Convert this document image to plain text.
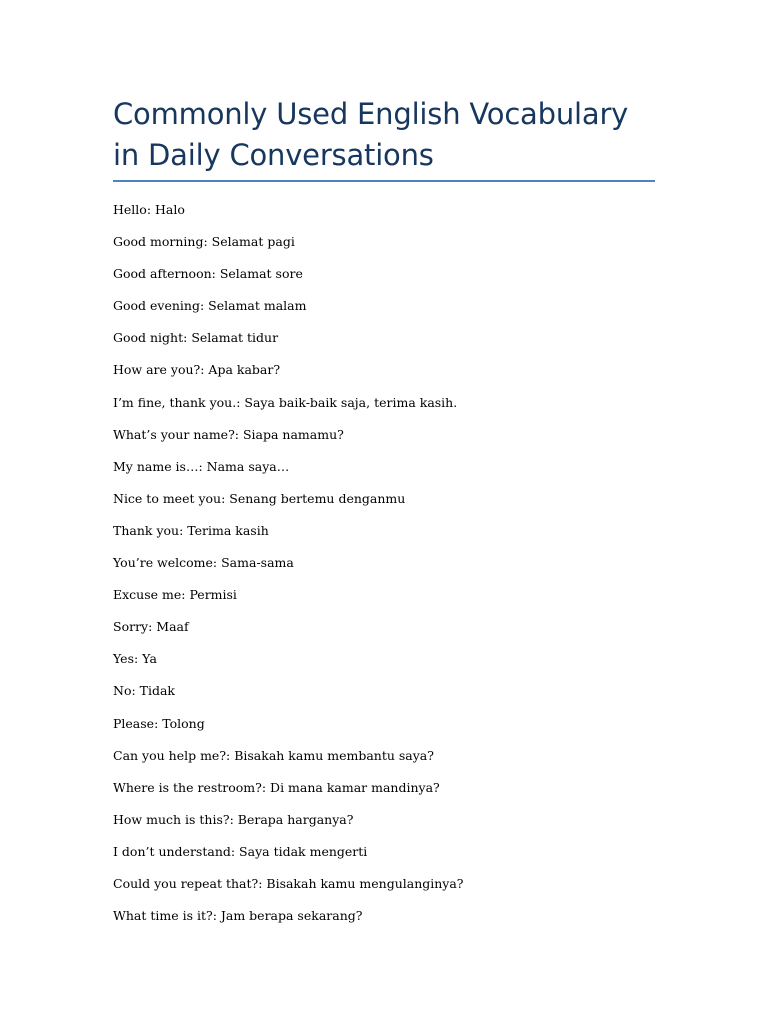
Commonly Used English Vocabulary in Daily Conversations
Hello: Halo
Good morning: Selamat pagi
Good afternoon: Selamat sore
Good evening: Selamat malam
Good night: Selamat tidur
How are you?: Apa kabar?
I’m fine, thank you.: Saya baik-baik saja, terima kasih.
What’s your name?: Siapa namamu?
My name is…: Nama saya…
Nice to meet you: Senang bertemu denganmu
Thank you: Terima kasih
You’re welcome: Sama-sama
Excuse me: Permisi
Sorry: Maaf
Yes: Ya
No: Tidak
Please: Tolong
Can you help me?: Bisakah kamu membantu saya?
Where is the restroom?: Di mana kamar mandinya?
How much is this?: Berapa harganya?
I don’t understand: Saya tidak mengerti
Could you repeat that?: Bisakah kamu mengulanginya?
What time is it?: Jam berapa sekarang?
